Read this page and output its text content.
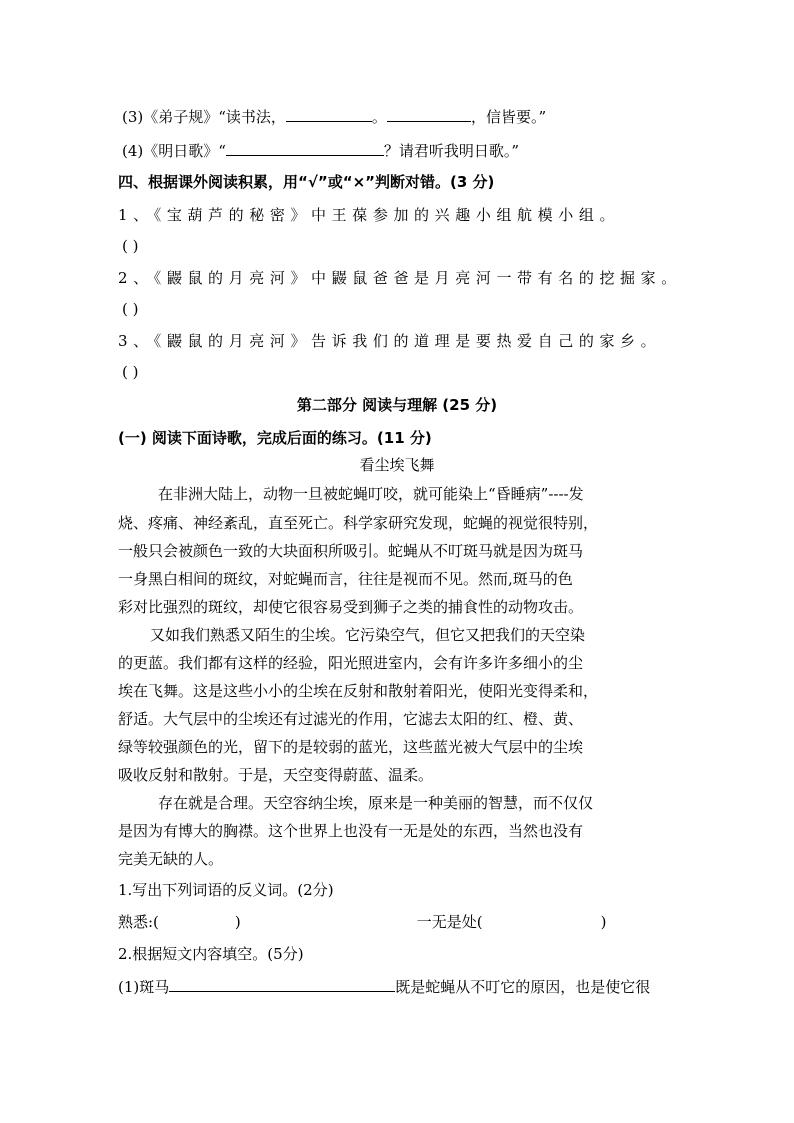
(3)《弟子规》“读书法，	。	，信皆要。”
(4)《明日歌》“	？请君听我明日歌。”
四、根据课外阅读积累，用“√”或“×”判断对错。(3 分)
1、《宝葫芦的秘密》中王葆参加的兴趣小组航模小组。
( )
2、《鼹鼠的月亮河》中鼹鼠爸爸是月亮河一带有名的挖掘家。
( )
3、《鼹鼠的月亮河》告诉我们的道理是要热爱自己的家乡。
( )
第二部分 阅读与理解 (25 分)
(一) 阅读下面诗歌，完成后面的练习。(11 分)
看尘埃飞舞
在非洲大陆上，动物一旦被蛇蝇叮咬，就可能染上“昏睡病”----发
烧、疼痛、神经紊乱，直至死亡。科学家研究发现，蛇蝇的视觉很特别，
一般只会被颜色一致的大块面积所吸引。蛇蝇从不叮斑马就是因为斑马
一身黑白相间的斑纹，对蛇蝇而言，往往是视而不见。然而,斑马的色
彩对比强烈的斑纹，却使它很容易受到狮子之类的捕食性的动物攻击。
又如我们熟悉又陌生的尘埃。它污染空气，但它又把我们的天空染
的更蓝。我们都有这样的经验，阳光照进室内，会有许多许多细小的尘
埃在飞舞。这是这些小小的尘埃在反射和散射着阳光，使阳光变得柔和，
舒适。大气层中的尘埃还有过滤光的作用，它滤去太阳的红、橙、黄、
绿等较强颜色的光，留下的是较弱的蓝光，这些蓝光被大气层中的尘埃
吸收反射和散射。于是，天空变得蔚蓝、温柔。
存在就是合理。天空容纳尘埃，原来是一种美丽的智慧，而不仅仅
是因为有博大的胸襟。这个世界上也没有一无是处的东西，当然也没有
完美无缺的人。
1.写出下列词语的反义词。(2分)
熟悉:(	)	一无是处(	)
2.根据短文内容填空。(5分)
(1)斑马	既是蛇蝇从不叮它的原因，也是使它很
